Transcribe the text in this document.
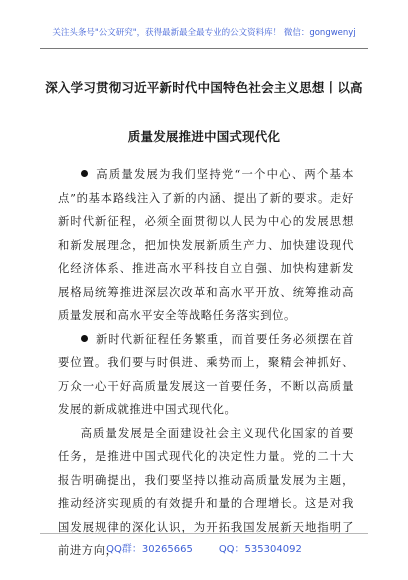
关注头条号"公文研究"，获得最新最全最专业的公文资料库！ 微信：gongwenyj
深入学习贯彻习近平新时代中国特色社会主义思想丨以高
质量发展推进中国式现代化

高质量发展为我们坚持党“一个中心、两个基本点”的基本路线注入了新的内涵、提出了新的要求。走好新时代新征程，必须全面贯彻以人民为中心的发展思想和新发展理念，把加快发展新质生产力、加快建设现代化经济体系、推进高水平科技自立自强、加快构建新发展格局统筹推进深层次改革和高水平开放、统筹推动高质量发展和高水平安全等战略任务落实到位。

新时代新征程任务繁重，而首要任务必须摆在首要位置。我们要与时俱进、乘势而上，聚精会神抓好、万众一心干好高质量发展这一首要任务，不断以高质量发展的新成就推进中国式现代化。

高质量发展是全面建设社会主义现代化国家的首要任务，是推进中国式现代化的决定性力量。党的二十大报告明确提出，我们要坚持以推动高质量发展为主题，推动经济实现质的有效提升和量的合理增长。这是对我国发展规律的深化认识，为开拓我国发展新天地指明了前进方向，

QQ群：30265665	QQ：535304092
